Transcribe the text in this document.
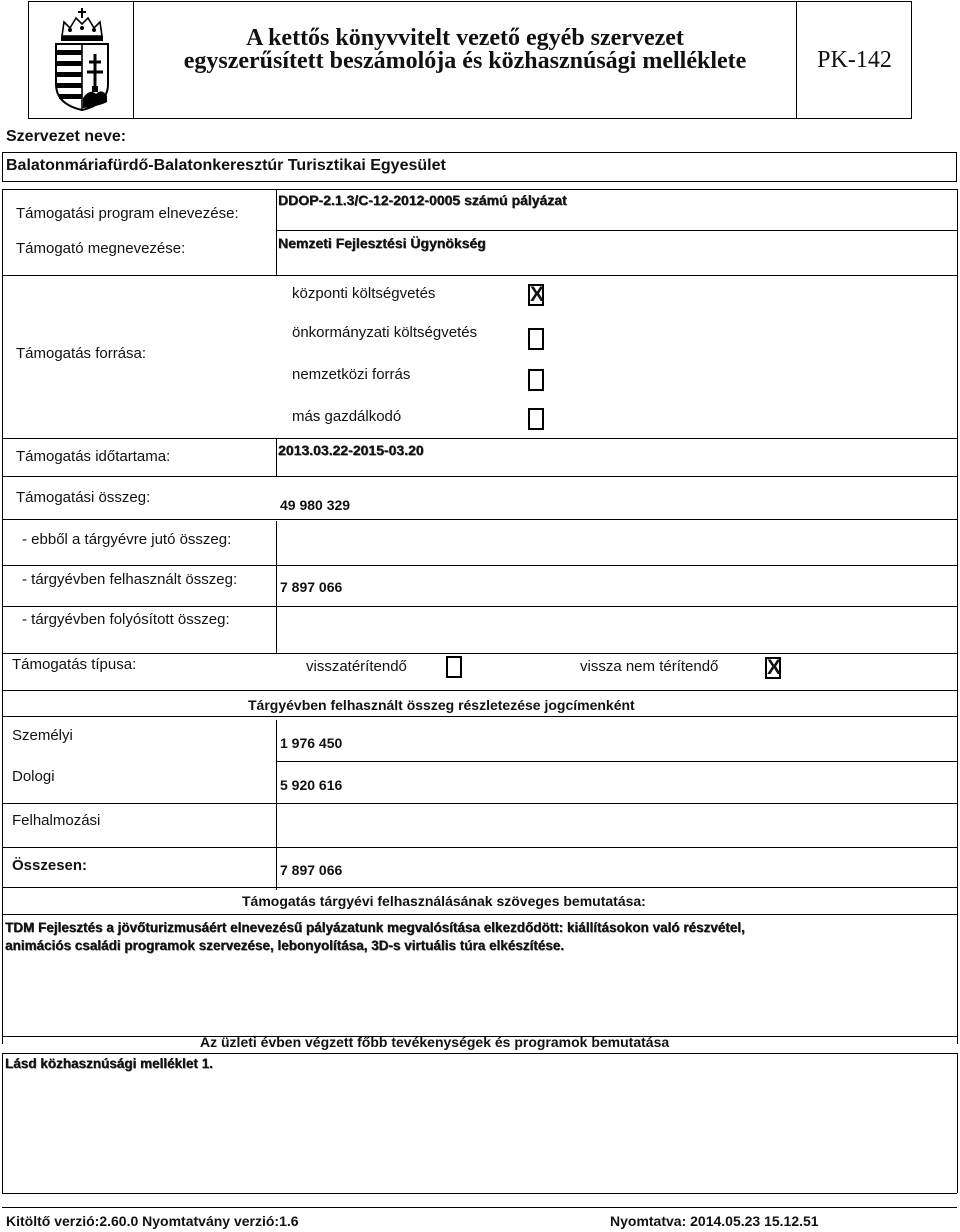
A kettős könyvvitelt vezető egyéb szervezet
egyszerűsített beszámolója és közhasznúsági melléklete	PK-142
Szervezet neve:
Balatonmáriafürdő-Balatonkeresztúr Turisztikai Egyesület
Támogatási program elnevezése:
DDOP-2.1.3/C-12-2012-0005 számú pályázat
Támogató megnevezése:	Nemzeti Fejlesztési Ügynökség
Támogatás forrása:
központi költségvetés	X
önkormányzati költségvetés
nemzetközi forrás
más gazdálkodó
Támogatás időtartama:	2013.03.22-2015-03.20
Támogatási összeg:	49 980 329
- ebből a tárgyévre jutó összeg:
- tárgyévben felhasznált összeg:	7 897 066
- tárgyévben folyósított összeg:
Támogatás típusa:	visszatérítendő	vissza nem térítendő X
Tárgyévben felhasznált összeg részletezése jogcímenként
Személyi	1 976 450
Dologi	5 920 616
Felhalmozási
Összesen:	7 897 066
Támogatás tárgyévi felhasználásának szöveges bemutatása:
TDM Fejlesztés a jövőturizmusáért elnevezésű pályázatunk megvalósítása elkezdődött: kiállításokon való részvétel,
animációs családi programok szervezése, lebonyolítása, 3D-s virtuális túra elkészítése.
Az üzleti évben végzett főbb tevékenységek és programok bemutatása
Lásd közhasznúsági melléklet 1.
Kitöltő verzió:2.60.0 Nyomtatvány verzió:1.6	Nyomtatva: 2014.05.23 15.12.51
